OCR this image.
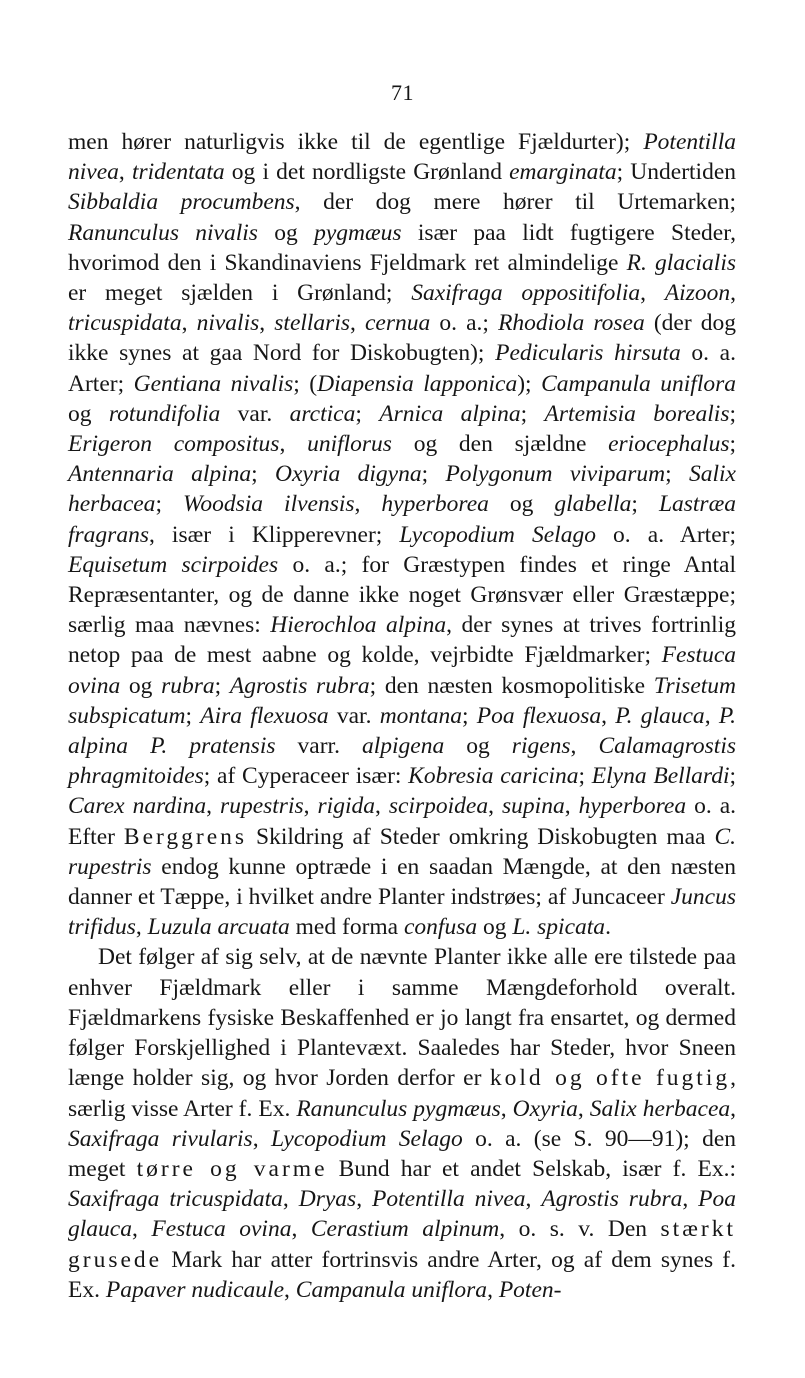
71

men hører naturligvis ikke til de egentlige Fjældurter); Potentilla nivea, tridentata og i det nordligste Grønland emarginata; Undertiden Sibbaldia procumbens, der dog mere hører til Urtemarken; Ranunculus nivalis og pygmæus især paa lidt fugtigere Steder, hvorimod den i Skandinaviens Fjeldmark ret almindelige R. glacialis er meget sjælden i Grønland; Saxifraga oppositifolia, Aizoon, tricuspidata, nivalis, stellaris, cernua o. a.; Rhodiola rosea (der dog ikke synes at gaa Nord for Diskobugten); Pedicularis hirsuta o. a. Arter; Gentiana nivalis; (Diapensia lapponica); Campanula uniflora og rotundifolia var. arctica; Arnica alpina; Artemisia borealis; Erigeron compositus, uniflorus og den sjældne eriocephalus; Antennaria alpina; Oxyria digyna; Polygonum viviparum; Salix herbacea; Woodsia ilvensis, hyperborea og glabella; Lastræa fragrans, især i Klipperevner; Lycopodium Selago o. a. Arter; Equisetum scirpoides o. a.; for Græstypen findes et ringe Antal Repræsentanter, og de danne ikke noget Grønsvær eller Græstæppe; særlig maa nævnes: Hierochloa alpina, der synes at trives fortrinlig netop paa de mest aabne og kolde, vejrbidte Fjældmarker; Festuca ovina og rubra; Agrostis rubra; den næsten kosmopolitiske Trisetum subspicatum; Aira flexuosa var. montana; Poa flexuosa, P. glauca, P. alpina P. pratensis varr. alpigena og rigens, Calamagrostis phragmitoides; af Cyperaceer især: Kobresia caricina; Elyna Bellardi; Carex nardina, rupestris, rigida, scirpoidea, supina, hyperborea o. a. Efter Berggrens Skildring af Steder omkring Diskobugten maa C. rupestris endog kunne optræde i en saadan Mængde, at den næsten danner et Tæppe, i hvilket andre Planter indstrøes; af Juncaceer Juncus trifidus, Luzula arcuata med forma confusa og L. spicata.

Det følger af sig selv, at de nævnte Planter ikke alle ere tilstede paa enhver Fjældmark eller i samme Mængdeforhold overalt. Fjældmarkens fysiske Beskaffenhed er jo langt fra ensartet, og dermed følger Forskjellighed i Plantevæxt. Saaledes har Steder, hvor Sneen længe holder sig, og hvor Jorden derfor er kold og ofte fugtig, særlig visse Arter f. Ex. Ranunculus pygmæus, Oxyria, Salix herbacea, Saxifraga rivularis, Lycopodium Selago o. a. (se S. 90—91); den meget tørre og varme Bund har et andet Selskab, især f. Ex.: Saxifraga tricuspidata, Dryas, Potentilla nivea, Agrostis rubra, Poa glauca, Festuca ovina, Cerastium alpinum, o. s. v. Den stærkt grusede Mark har atter fortrinsvis andre Arter, og af dem synes f. Ex. Papaver nudicaule, Campanula uniflora, Poten-
